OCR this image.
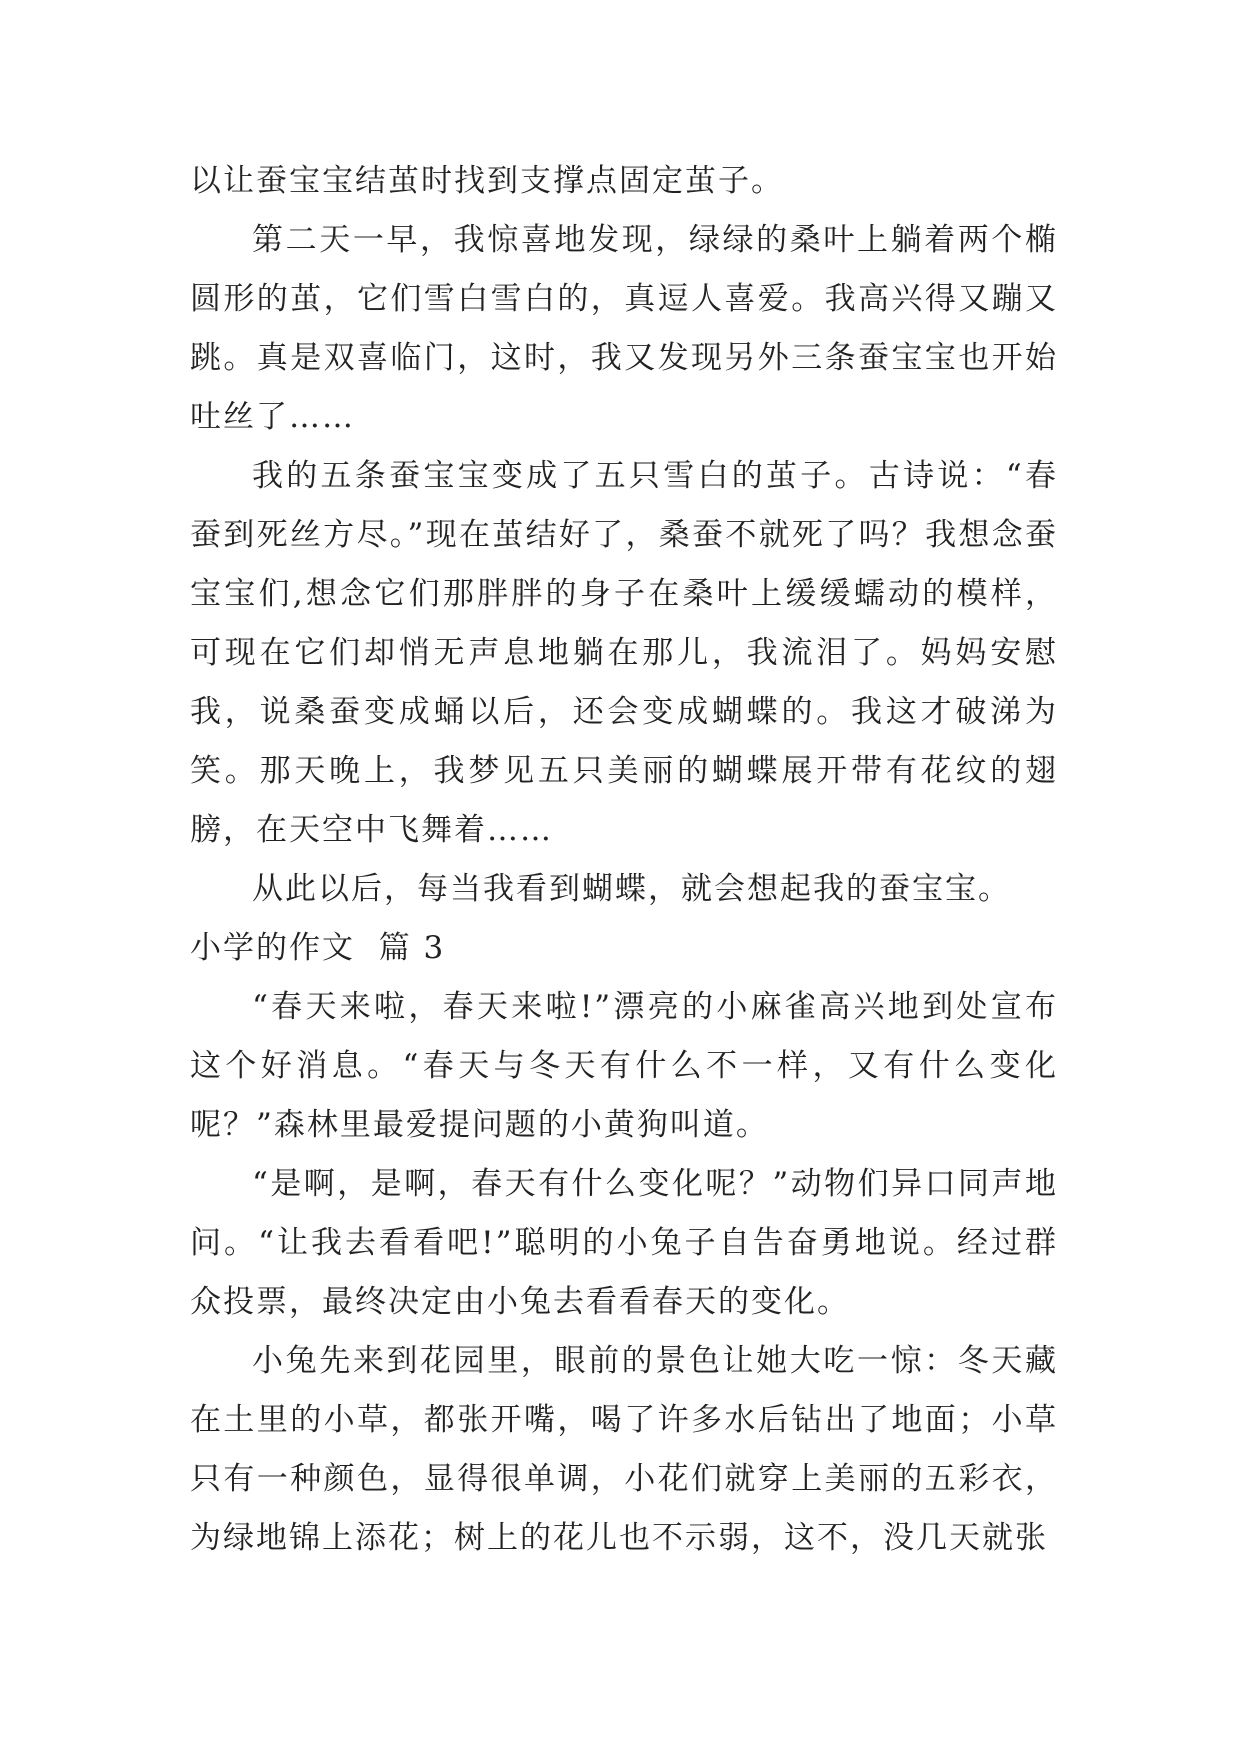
以让蚕宝宝结茧时找到支撑点固定茧子。

第二天一早，我惊喜地发现，绿绿的桑叶上躺着两个椭圆形的茧，它们雪白雪白的，真逗人喜爱。我高兴得又蹦又跳。真是双喜临门，这时，我又发现另外三条蚕宝宝也开始吐丝了……

我的五条蚕宝宝变成了五只雪白的茧子。古诗说：“春蚕到死丝方尽。”现在茧结好了，桑蚕不就死了吗？我想念蚕宝宝们,想念它们那胖胖的身子在桑叶上缓缓蠕动的模样，可现在它们却悄无声息地躺在那儿，我流泪了。妈妈安慰我，说桑蚕变成蛹以后，还会变成蝴蝶的。我这才破涕为笑。那天晚上，我梦见五只美丽的蝴蝶展开带有花纹的翅膀，在天空中飞舞着……

从此以后，每当我看到蝴蝶，就会想起我的蚕宝宝。

小学的作文  篇 3

“春天来啦，春天来啦!”漂亮的小麻雀高兴地到处宣布这个好消息。“春天与冬天有什么不一样，又有什么变化呢？”森林里最爱提问题的小黄狗叫道。

“是啊，是啊，春天有什么变化呢？”动物们异口同声地问。“让我去看看吧!”聪明的小兔子自告奋勇地说。经过群众投票，最终决定由小兔去看看春天的变化。

小兔先来到花园里，眼前的景色让她大吃一惊：冬天藏在土里的小草，都张开嘴，喝了许多水后钻出了地面；小草只有一种颜色，显得很单调，小花们就穿上美丽的五彩衣，为绿地锦上添花；树上的花儿也不示弱，这不，没几天就张
